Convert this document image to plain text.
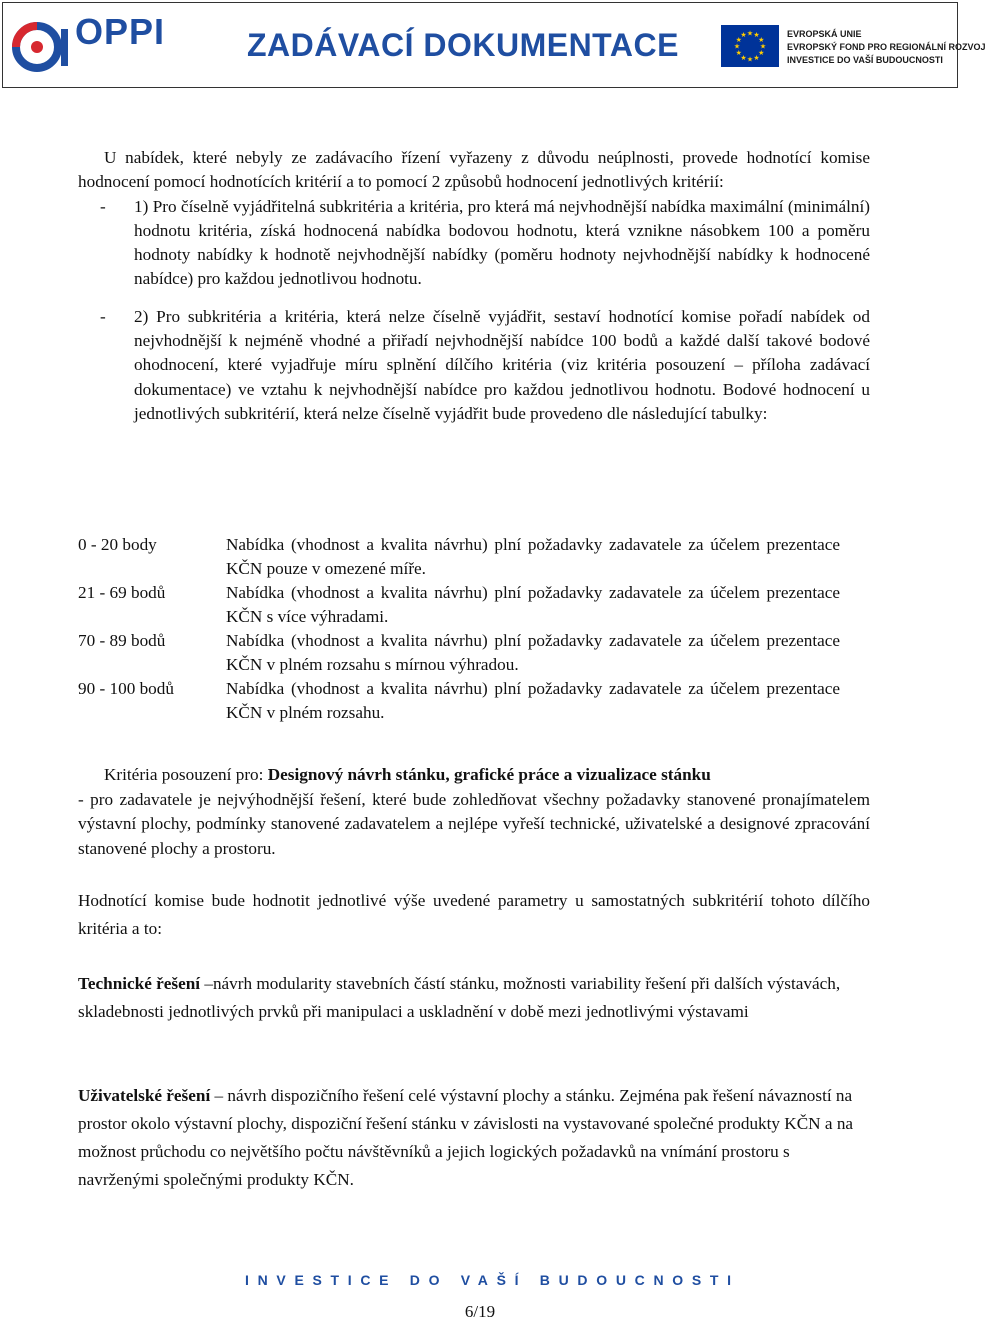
OPPI	ZADÁVACÍ DOKUMENTACE	★ ★
★
★
★
★
★
★
★
★
★
★	EVROPSKÁ UNIE
EVROPSKÝ FOND PRO REGIONÁLNÍ ROZVOJ
INVESTICE DO VAŠÍ BUDOUCNOSTI
U nabídek, které nebyly ze zadávacího řízení vyřazeny z důvodu neúplnosti, provede hodnotící komise hodnocení pomocí hodnotících kritérií a to pomocí 2 způsobů hodnocení jednotlivých kritérií:
- 1) Pro číselně vyjádřitelná subkritéria a kritéria, pro která má nejvhodnější nabídka maximální (minimální) hodnotu kritéria, získá hodnocená nabídka bodovou hodnotu, která vznikne násobkem 100 a poměru hodnoty nabídky k hodnotě nejvhodnější nabídky (poměru hodnoty nejvhodnější nabídky k hodnocené nabídce) pro každou jednotlivou hodnotu.
- 2) Pro subkritéria a kritéria, která nelze číselně vyjádřit, sestaví hodnotící komise pořadí nabídek od nejvhodnější k nejméně vhodné a přiřadí nejvhodnější nabídce 100 bodů a každé další takové bodové ohodnocení, které vyjadřuje míru splnění dílčího kritéria (viz kritéria posouzení – příloha zadávací dokumentace) ve vztahu k nejvhodnější nabídce pro každou jednotlivou hodnotu. Bodové hodnocení u jednotlivých subkritérií, která nelze číselně vyjádřit bude provedeno dle následující tabulky:
0 - 20 body	Nabídka (vhodnost a kvalita návrhu) plní požadavky zadavatele za účelem prezentace KČN pouze v omezené míře.
21 - 69 bodů	Nabídka (vhodnost a kvalita návrhu) plní požadavky zadavatele za účelem prezentace KČN s více výhradami.
70 - 89 bodů	Nabídka (vhodnost a kvalita návrhu) plní požadavky zadavatele za účelem prezentace KČN v plném rozsahu s mírnou výhradou.
90 - 100 bodů	Nabídka (vhodnost a kvalita návrhu) plní požadavky zadavatele za účelem prezentace KČN v plném rozsahu.
Kritéria posouzení pro: Designový návrh stánku, grafické práce a vizualizace stánku
- pro zadavatele je nejvýhodnější řešení, které bude zohledňovat všechny požadavky stanovené pronajímatelem výstavní plochy, podmínky stanovené zadavatelem a nejlépe vyřeší technické, uživatelské a designové zpracování stanovené plochy a prostoru.
Hodnotící komise bude hodnotit jednotlivé výše uvedené parametry u samostatných subkritérií tohoto dílčího kritéria a to:
Technické řešení –návrh modularity stavebních částí stánku, možnosti variability řešení při dalších výstavách, skladebnosti jednotlivých prvků při manipulaci a uskladnění v době mezi jednotlivými výstavami
Uživatelské řešení – návrh dispozičního řešení celé výstavní plochy a stánku. Zejména pak řešení návazností na prostor okolo výstavní plochy, dispoziční řešení stánku v závislosti na vystavované společné produkty KČN a na možnost průchodu co největšího počtu návštěvníků a jejich logických požadavků na vnímání prostoru s navrženými společnými produkty KČN.
INVESTICE DO VAŠÍ BUDOUCNOSTI
6/19
